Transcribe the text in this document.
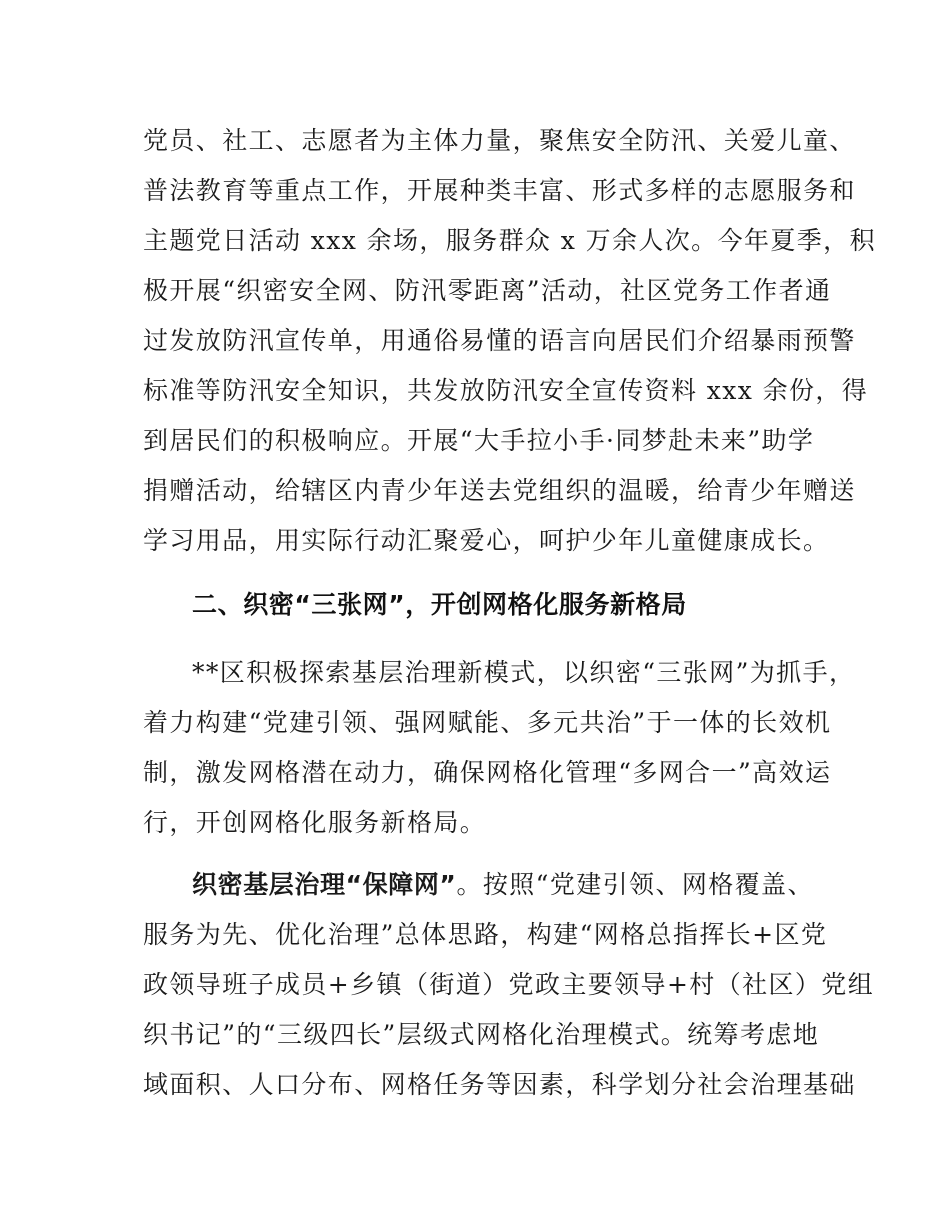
党员、社工、志愿者为主体力量，聚焦安全防汛、关爱儿童、
普法教育等重点工作，开展种类丰富、形式多样的志愿服务和
主题党日活动 xxx 余场，服务群众 x 万余人次。今年夏季，积
极开展“织密安全网、防汛零距离”活动，社区党务工作者通
过发放防汛宣传单，用通俗易懂的语言向居民们介绍暴雨预警
标准等防汛安全知识，共发放防汛安全宣传资料 xxx 余份，得
到居民们的积极响应。开展“大手拉小手·同梦赴未来”助学
捐赠活动，给辖区内青少年送去党组织的温暖，给青少年赠送
学习用品，用实际行动汇聚爱心，呵护少年儿童健康成长。
二、织密“三张网”，开创网格化服务新格局
**区积极探索基层治理新模式，以织密“三张网”为抓手，
着力构建“党建引领、强网赋能、多元共治”于一体的长效机
制，激发网格潜在动力，确保网格化管理“多网合一”高效运
行，开创网格化服务新格局。
织密基层治理“保障网”。按照“党建引领、网格覆盖、
服务为先、优化治理”总体思路，构建“网格总指挥长+区党
政领导班子成员+乡镇（街道）党政主要领导+村（社区）党组
织书记”的“三级四长”层级式网格化治理模式。统筹考虑地
域面积、人口分布、网格任务等因素，科学划分社会治理基础
